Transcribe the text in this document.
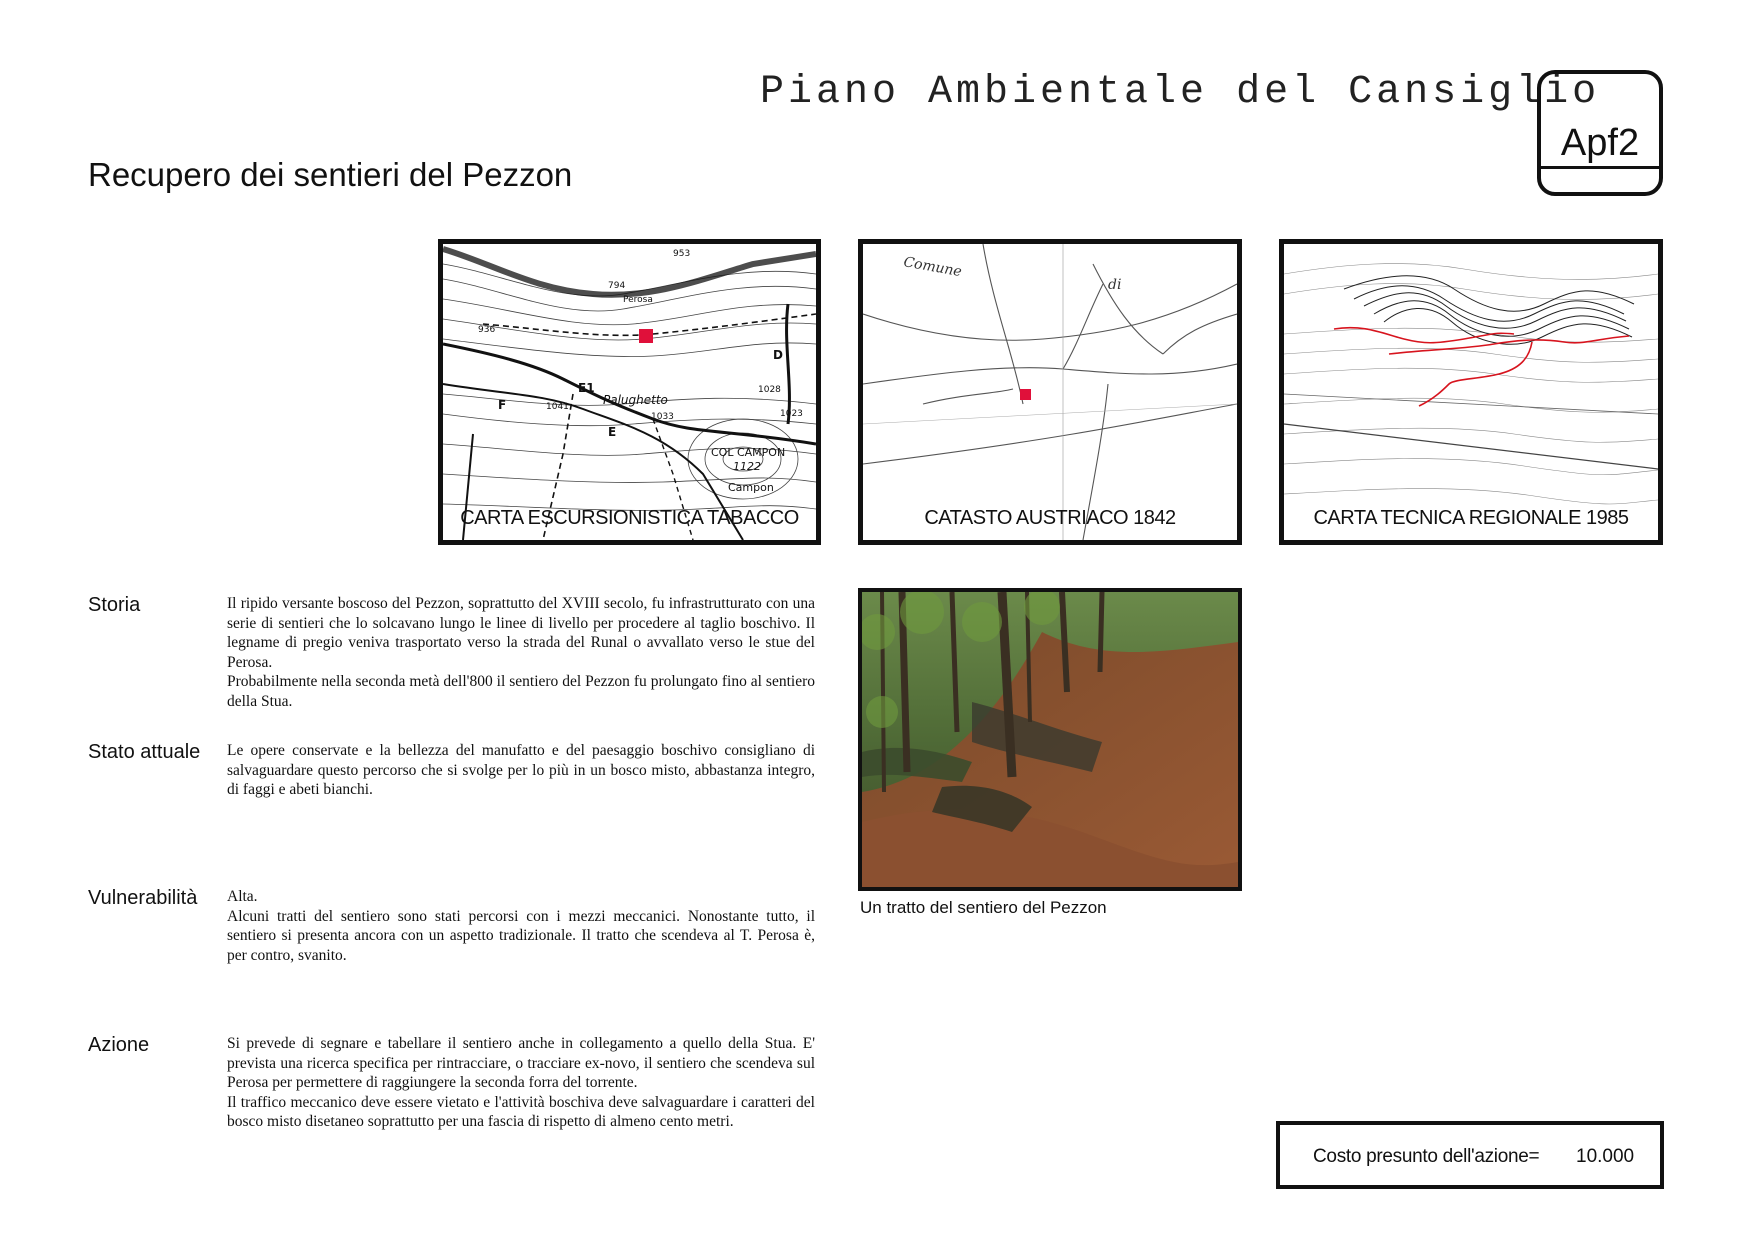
Piano Ambientale del Cansiglio
Apf2
Recupero dei sentieri del Pezzon
953
794
Perosa
936
Palughetto
1041
1033
1028
1023
COL CAMPON
1122
Campon
E1
F
E
D
CARTA ESCURSIONISTICA TABACCO
Comune
di
CATASTO AUSTRIACO 1842	CARTA TECNICA REGIONALE 1985
Un tratto del sentiero del Pezzon
Storia	Il ripido versante boscoso del Pezzon, soprattutto del XVIII secolo, fu infrastrutturato con una serie di sentieri che lo solcavano lungo le linee di livello per procedere al taglio boschivo. Il legname di pregio veniva trasportato verso la strada del Runal o avvallato verso le stue del Perosa.

Probabilmente nella seconda metà dell'800 il sentiero del Pezzon fu prolungato fino al sentiero della Stua.

Stato attuale Le opere conservate e la bellezza del manufatto e del paesaggio boschivo consigliano di salvaguardare questo percorso che si svolge per lo più in un bosco misto, abbastanza integro, di faggi e abeti bianchi.

Vulnerabilità Alta.

Alcuni tratti del sentiero sono stati percorsi con i mezzi meccanici. Nonostante tutto, il sentiero si presenta ancora con un aspetto tradizionale. Il tratto che scendeva al T. Perosa è, per contro, svanito.

Azione	Si prevede di segnare e tabellare il sentiero anche in collegamento a quello della Stua. E' prevista una ricerca specifica per rintracciare, o tracciare ex-novo, il sentiero che scendeva sul Perosa per permettere di raggiungere la seconda forra del torrente.

Il traffico meccanico deve essere vietato e l'attività boschiva deve salvaguardare i caratteri del bosco misto disetaneo soprattutto per una fascia di rispetto di almeno cento metri.

Costo presunto dell'azione= 10.000
